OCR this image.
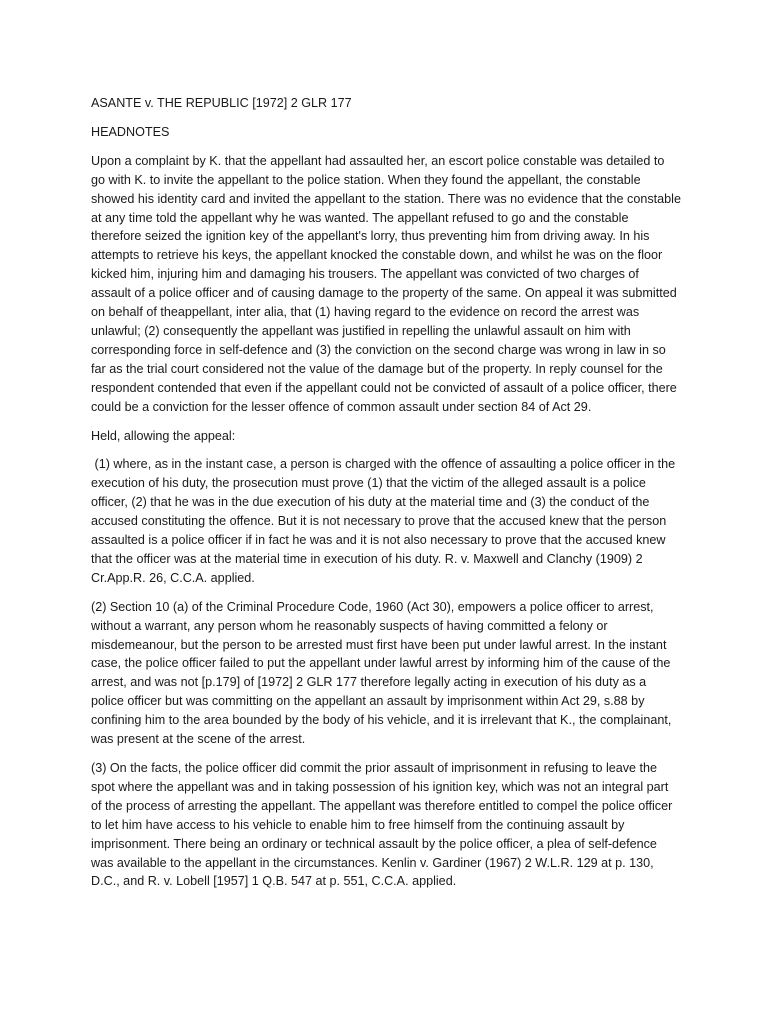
ASANTE v. THE REPUBLIC [1972] 2 GLR 177

HEADNOTES

Upon a complaint by K. that the appellant had assaulted her, an escort police constable was detailed to go with K. to invite the appellant to the police station. When they found the appellant, the constable showed his identity card and invited the appellant to the station. There was no evidence that the constable at any time told the appellant why he was wanted. The appellant refused to go and the constable therefore seized the ignition key of the appellant's lorry, thus preventing him from driving away. In his attempts to retrieve his keys, the appellant knocked the constable down, and whilst he was on the floor kicked him, injuring him and damaging his trousers. The appellant was convicted of two charges of assault of a police officer and of causing damage to the property of the same. On appeal it was submitted on behalf of theappellant, inter alia, that (1) having regard to the evidence on record the arrest was unlawful; (2) consequently the appellant was justified in repelling the unlawful assault on him with corresponding force in self-defence and (3) the conviction on the second charge was wrong in law in so far as the trial court considered not the value of the damage but of the property. In reply counsel for the respondent contended that even if the appellant could not be convicted of assault of a police officer, there could be a conviction for the lesser offence of common assault under section 84 of Act 29.

Held, allowing the appeal:

(1) where, as in the instant case, a person is charged with the offence of assaulting a police officer in the execution of his duty, the prosecution must prove (1) that the victim of the alleged assault is a police officer, (2) that he was in the due execution of his duty at the material time and (3) the conduct of the accused constituting the offence. But it is not necessary to prove that the accused knew that the person assaulted is a police officer if in fact he was and it is not also necessary to prove that the accused knew that the officer was at the material time in execution of his duty. R. v. Maxwell and Clanchy (1909) 2 Cr.App.R. 26, C.C.A. applied.

(2) Section 10 (a) of the Criminal Procedure Code, 1960 (Act 30), empowers a police officer to arrest, without a warrant, any person whom he reasonably suspects of having committed a felony or misdemeanour, but the person to be arrested must first have been put under lawful arrest. In the instant case, the police officer failed to put the appellant under lawful arrest by informing him of the cause of the arrest, and was not [p.179] of [1972] 2 GLR 177 therefore legally acting in execution of his duty as a police officer but was committing on the appellant an assault by imprisonment within Act 29, s.88 by confining him to the area bounded by the body of his vehicle, and it is irrelevant that K., the complainant, was present at the scene of the arrest.

(3) On the facts, the police officer did commit the prior assault of imprisonment in refusing to leave the spot where the appellant was and in taking possession of his ignition key, which was not an integral part of the process of arresting the appellant. The appellant was therefore entitled to compel the police officer to let him have access to his vehicle to enable him to free himself from the continuing assault by imprisonment. There being an ordinary or technical assault by the police officer, a plea of self-defence was available to the appellant in the circumstances. Kenlin v. Gardiner (1967) 2 W.L.R. 129 at p. 130, D.C., and R. v. Lobell [1957] 1 Q.B. 547 at p. 551, C.C.A. applied.
